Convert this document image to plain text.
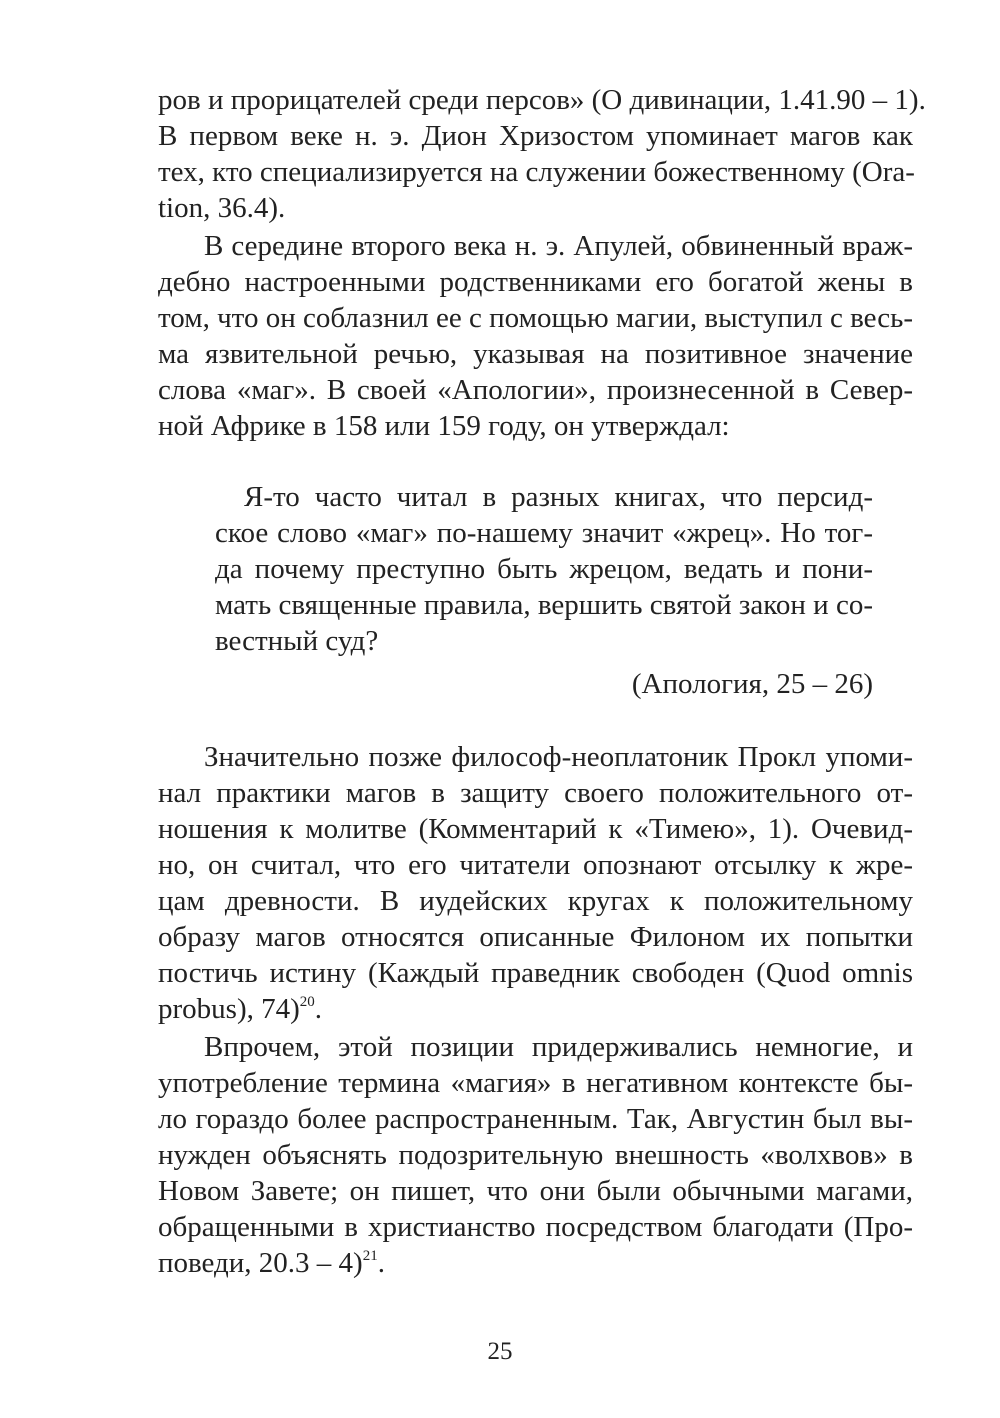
ров и прорицателей среди персов» (О дивинации, 1.41.90 – 1).
В первом веке н. э. Дион Хризостом упоминает магов как
тех, кто специализируется на служении божественному (Ora-
tion, 36.4).
В середине второго века н. э. Апулей, обвиненный враж-
дебно настроенными родственниками его богатой жены в
том, что он соблазнил ее с помощью магии, выступил с весь-
ма язвительной речью, указывая на позитивное значение
слова «маг». В своей «Апологии», произнесенной в Север-
ной Африке в 158 или 159 году, он утверждал:
Я-то часто читал в разных книгах, что персид-
ское слово «маг» по-нашему значит «жрец». Но тог-
да почему преступно быть жрецом, ведать и пони-
мать священные правила, вершить святой закон и со-
вестный суд?
(Апология, 25 – 26)
Значительно позже философ-неоплатоник Прокл упоми-
нал практики магов в защиту своего положительного от-
ношения к молитве (Комментарий к «Тимею», 1). Очевид-
но, он считал, что его читатели опознают отсылку к жре-
цам древности. В иудейских кругах к положительному
образу магов относятся описанные Филоном их попытки
постичь истину (Каждый праведник свободен (Quod omnis
probus), 74)$^{20}$.
Впрочем, этой позиции придерживались немногие, и
употребление термина «магия» в негативном контексте бы-
ло гораздо более распространенным. Так, Августин был вы-
нужден объяснять подозрительную внешность «волхвов» в
Новом Завете; он пишет, что они были обычными магами,
обращенными в христианство посредством благодати (Про-
поведи, 20.3 – 4)$^{21}$.
25
